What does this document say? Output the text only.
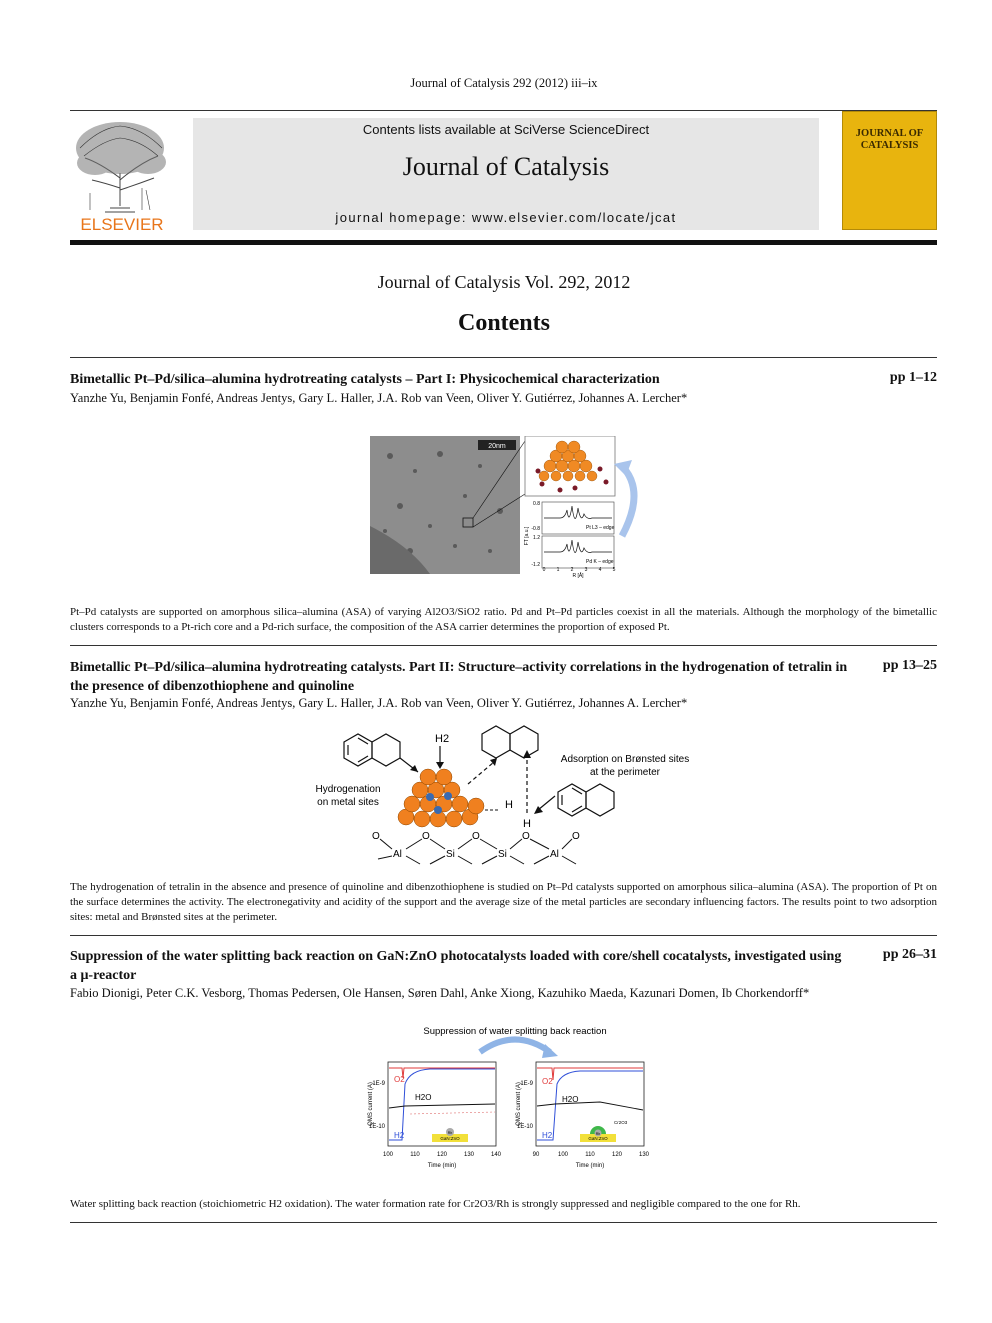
Journal of Catalysis 292 (2012) iii–ix
ELSEVIER
Contents lists available at SciVerse ScienceDirect
Journal of Catalysis
journal homepage: www.elsevier.com/locate/jcat
JOURNAL OF CATALYSIS
Journal of Catalysis Vol. 292, 2012
Contents
Bimetallic Pt–Pd/silica–alumina hydrotreating catalysts – Part I: Physicochemical characterization	pp 1–12
Yanzhe Yu, Benjamin Fonfé, Andreas Jentys, Gary L. Haller, J.A. Rob van Veen, Oliver Y. Gutiérrez, Johannes A. Lercher*
20nm
Pt L3 – edge
Pd K – edge
0.8
-0.8
1.2
-1.2
FT [a.u.]
0 1 2 3 4 5
R [Å]
Pt–Pd catalysts are supported on amorphous silica–alumina (ASA) of varying Al2O3/SiO2 ratio. Pd and Pt–Pd particles coexist in all the materials. Although the morphology of the bimetallic clusters corresponds to a Pt-rich core and a Pd-rich surface, the composition of the ASA carrier determines the proportion of exposed Pt.
Bimetallic Pt–Pd/silica–alumina hydrotreating catalysts. Part II: Structure–activity correlations in the hydrogenation of tetralin in the presence of dibenzothiophene and quinoline
pp 13–25
Yanzhe Yu, Benjamin Fonfé, Andreas Jentys, Gary L. Haller, J.A. Rob van Veen, Oliver Y. Gutiérrez, Johannes A. Lercher*
H2
Hydrogenation
on metal sites	H
H
Adsorption on Brønsted sites
at the perimeter
O	O	O	O	O
Al	Si	Si	Al
The hydrogenation of tetralin in the absence and presence of quinoline and dibenzothiophene is studied on Pt–Pd catalysts supported on amorphous silica–alumina (ASA). The proportion of Pt on the surface determines the activity. The electronegativity and acidity of the support and the average size of the metal particles are secondary influencing factors. The results point to two adsorption sites: metal and Brønsted sites at the perimeter.
Suppression of the water splitting back reaction on GaN:ZnO photocatalysts loaded with core/shell cocatalysts, investigated using a μ-reactor
pp 26–31
Fabio Dionigi, Peter C.K. Vesborg, Thomas Pedersen, Ole Hansen, Søren Dahl, Anke Xiong, Kazuhiko Maeda, Kazunari Domen, Ib Chorkendorff*
Suppression of water splitting back reaction
O2
H2O
H2	GaN:ZnO
Rh
1E-9
1E-10
QMS current (A)
100	110	120	130	140
Time (min)
O2
H2O
H2	GaN:ZnO
Rh
Cr2O3
1E-9
1E-10
QMS current (A)
90	100	110	120	130
Time (min)
Water splitting back reaction (stoichiometric H2 oxidation). The water formation rate for Cr2O3/Rh is strongly suppressed and negligible compared to the one for Rh.
